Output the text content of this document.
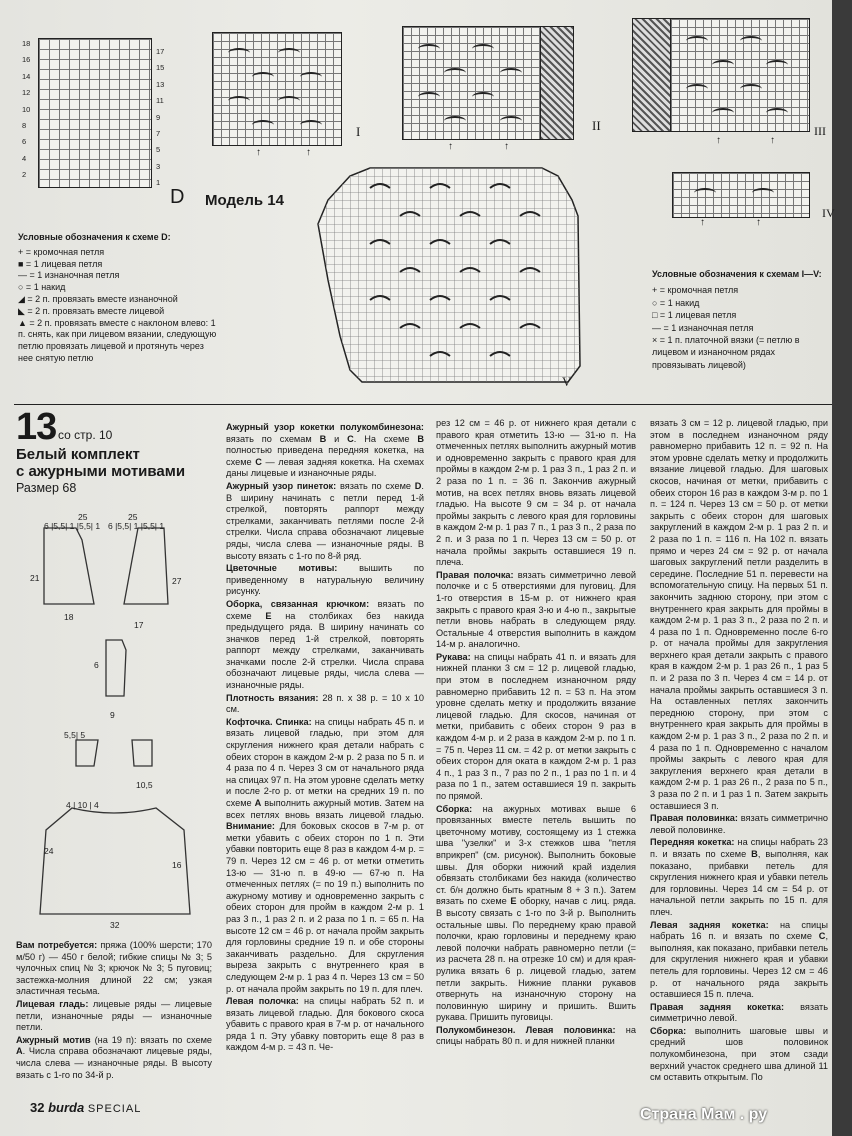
18
16
14
12
10
8
6
4
2
17
15
13
11
9
7
5
3
1
D
↑	↑
I
↑	↑
II
↑	↑
III
↑	↑
IV
Модель 14
V
Условные обозначения к схеме D:
+ = кромочная петля
■ = 1 лицевая петля
— = 1 изнаночная петля
○ = 1 накид
◢ = 2 п. провязать вместе изнаночной
◣ = 2 п. провязать вместе лицевой
▲ = 2 п. провязать вместе с наклоном влево: 1 п. снять, как при лицевом вязании, следующую петлю провязать лицевой и протянуть через нее снятую петлю
Условные обозначения к схемам I—V:
+ = кромочная петля
○ = 1 накид
□ = 1 лицевая петля
— = 1 изнаночная петля
× = 1 п. платочной вязки (= петлю в лицевом и изнаночном рядах провязывать лицевой)
13 со стр. 10
Белый комплект
с ажурными мотивами
Размер 68
25	25
6 |5,5| 1 |5,5| 1 6 |5,5| 1 |5,5| 1
21	27
18
17
6
9
5,5| 5
10,5
4 | 10 | 4
24
16
32

Вам потребуется: пряжа (100% шерсти; 170 м/50 г) — 450 г белой; гибкие спицы № 3; 5 чулочных спиц № 3; крючок № 3; 5 пуговиц; застежка-молния длиной 22 см; узкая эластичная тесьма.

Лицевая гладь: лицевые ряды — лицевые петли, изнаночные ряды — изнаночные петли.

Ажурный мотив (на 19 п): вязать по схеме А. Числа справа обозначают лицевые ряды, числа слева — изнаночные ряды. В высоту вязать с 1-го по 34-й р.

Ажурный узор кокетки полукомбинезона: вязать по схемам В и С. На схеме В полностью приведена передняя кокетка, на схеме С — левая задняя кокетка. На схемах даны лицевые и изнаночные ряды.

Ажурный узор пинеток: вязать по схеме D. В ширину начинать с петли перед 1-й стрелкой, повторять раппорт между стрелками, заканчивать петлями после 2-й стрелки. Числа справа обозначают лицевые ряды, числа слева — изнаночные ряды. В высоту вязать с 1-го по 8-й ряд.

Цветочные мотивы: вышить по приведенному в натуральную величину рисунку.

Оборка, связанная крючком: вязать по схеме Е на столбиках без накида предыдущего ряда. В ширину начинать со значков перед 1-й стрелкой, повторять раппорт между стрелками, заканчивать значками после 2-й стрелки. Числа справа обозначают лицевые ряды, числа слева — изнаночные ряды.

Плотность вязания: 28 п. х 38 р. = 10 х 10 см.

Кофточка. Спинка: на спицы набрать 45 п. и вязать лицевой гладью, при этом для скругления нижнего края детали набрать с обеих сторон в каждом 2-м р. 2 раза по 5 п. и 4 раза по 4 п. Через 3 см от начального ряда на спицах 97 п. На этом уровне сделать метку и после 2-го р. от метки на средних 19 п. по схеме А выполнить ажурный мотив. Затем на всех петлях вновь вязать лицевой гладью. Внимание: Для боковых скосов в 7-м р. от метки убавить с обеих сторон по 1 п. Эти убавки повторить еще 8 раз в каждом 4-м р. = 79 п. Через 12 см = 46 р. от метки отметить 13-ю — 31-ю п. в 49-ю — 67-ю п. На отмеченных петлях (= по 19 п.) выполнить по ажурному мотиву и одновременно закрыть с обеих сторон для пройм в каждом 2-м р. 1 раз 3 п., 1 раз 2 п. и 2 раза по 1 п. = 65 п. На высоте 12 см = 46 р. от начала пройм закрыть для горловины средние 19 п. и обе стороны заканчивать раздельно. Для скругления выреза закрыть с внутреннего края в следующем 2-м р. 1 раз 4 п. Через 13 см = 50 р. от начала пройм закрыть по 19 п. для плеч.

Левая полочка: на спицы набрать 52 п. и вязать лицевой гладью. Для бокового скоса убавить с правого края в 7-м р. от начального ряда 1 п. Эту убавку повторить еще 8 раз в каждом 4-м р. = 43 п. Че-

рез 12 см = 46 р. от нижнего края детали с правого края отметить 13-ю — 31-ю п. На отмеченных петлях выполнить ажурный мотив и одновременно закрыть с правого края для проймы в каждом 2-м р. 1 раз 3 п., 1 раз 2 п. и 2 раза по 1 п. = 36 п. Закончив ажурный мотив, на всех петлях вновь вязать лицевой гладью. На высоте 9 см = 34 р. от начала проймы закрыть с левого края для горловины в каждом 2-м р. 1 раз 7 п., 1 раз 3 п., 2 раза по 2 п. и 3 раза по 1 п. Через 13 см = 50 р. от начала проймы закрыть оставшиеся 19 п. плеча.

Правая полочка: вязать симметрично левой полочке и с 5 отверстиями для пуговиц. Для 1-го отверстия в 15-м р. от нижнего края закрыть с правого края 3-ю и 4-ю п., закрытые петли вновь набрать в следующем ряду. Остальные 4 отверстия выполнить в каждом 14-м р. аналогично.

Рукава: на спицы набрать 41 п. и вязать для нижней планки 3 см = 12 р. лицевой гладью, при этом в последнем изнаночном ряду равномерно прибавить 12 п. = 53 п. На этом уровне сделать метку и продолжить вязание лицевой гладью. Для скосов, начиная от метки, прибавить с обеих сторон 9 раз в каждом 4-м р. и 2 раза в каждом 2-м р. по 1 п. = 75 п. Через 11 см. = 42 р. от метки закрыть с обеих сторон для оката в каждом 2-м р. 1 раз 4 п., 1 раз 3 п., 7 раз по 2 п., 1 раз по 1 п. и 4 раза по 1 п., затем оставшиеся 19 п. закрыть по прямой.

Сборка: на ажурных мотивах выше 6 провязанных вместе петель вышить по цветочному мотиву, состоящему из 1 стежка шва "узелки" и 3-х стежков шва "петля вприкреп" (см. рисунок). Выполнить боковые швы. Для оборки нижний край изделия обвязать столбиками без накида (количество ст. б/н должно быть кратным 8 + 3 п.). Затем вязать по схеме Е оборку, начав с лиц. ряда. В высоту связать с 1-го по 3-й р. Выполнить остальные швы. По переднему краю правой полочки, краю горловины и переднему краю левой полочки набрать равномерно петли (= из расчета 28 п. на отрезке 10 см) и для края-рулика вязать 6 р. лицевой гладью, затем петли закрыть. Нижние планки рукавов отвернуть на изнаночную сторону на половинную ширину и пришить. Вшить рукава. Пришить пуговицы.

Полукомбинезон. Левая половинка: на спицы набрать 80 п. и для нижней планки

вязать 3 см = 12 р. лицевой гладью, при этом в последнем изнаночном ряду равномерно прибавить 12 п. = 92 п. На этом уровне сделать метку и продолжить вязание лицевой гладью. Для шаговых скосов, начиная от метки, прибавить с обеих сторон 16 раз в каждом 3-м р. по 1 п. = 124 п. Через 13 см = 50 р. от метки закрыть с обеих сторон для шаговых закруглений в каждом 2-м р. 1 раз 2 п. и 2 раза по 1 п. = 116 п. На 102 п. вязать прямо и через 24 см = 92 р. от начала шаговых закруглений петли разделить в середине. Последние 51 п. перевести на вспомогательную спицу. На первых 51 п. закончить заднюю сторону, при этом с внутреннего края закрыть для проймы в каждом 2-м р. 1 раз 3 п., 2 раза по 2 п. и 4 раза по 1 п. Одновременно после 6-го р. от начала проймы для закругления верхнего края детали закрыть с правого края в каждом 2-м р. 1 раз 26 п., 1 раз 5 п. и 2 раза по 3 п. Через 4 см = 14 р. от начала проймы закрыть оставшиеся 3 п. На оставленных петлях закончить переднюю сторону, при этом с внутреннего края закрыть для проймы в каждом 2-м р. 1 раз 3 п., 2 раза по 2 п. и 4 раза по 1 п. Одновременно с началом проймы закрыть с левого края для закругления верхнего края детали в каждом 2-м р. 1 раз 26 п., 2 раза по 5 п., 3 раза по 2 п. и 1 раз 1 п. Затем закрыть оставшиеся 3 п.

Правая половинка: вязать симметрично левой половинке.

Передняя кокетка: на спицы набрать 23 п. и вязать по схеме В, выполняя, как показано, прибавки петель для скругления нижнего края и убавки петель для горловины. Через 14 см = 54 р. от начальной петли закрыть по 15 п. для плеч.

Левая задняя кокетка: на спицы набрать 16 п. и вязать по схеме С, выполняя, как показано, прибавки петель для скругления нижнего края и убавки петель для горловины. Через 12 см = 46 р. от начального ряда закрыть оставшиеся 15 п. плеча.

Правая задняя кокетка: вязать симметрично левой.

Сборка: выполнить шаговые швы и средний шов половинок полукомбинезона, при этом сзади верхний участок среднего шва длиной 11 см оставить открытым. По

32 burda SPECIAL	Страна Мам . ру
